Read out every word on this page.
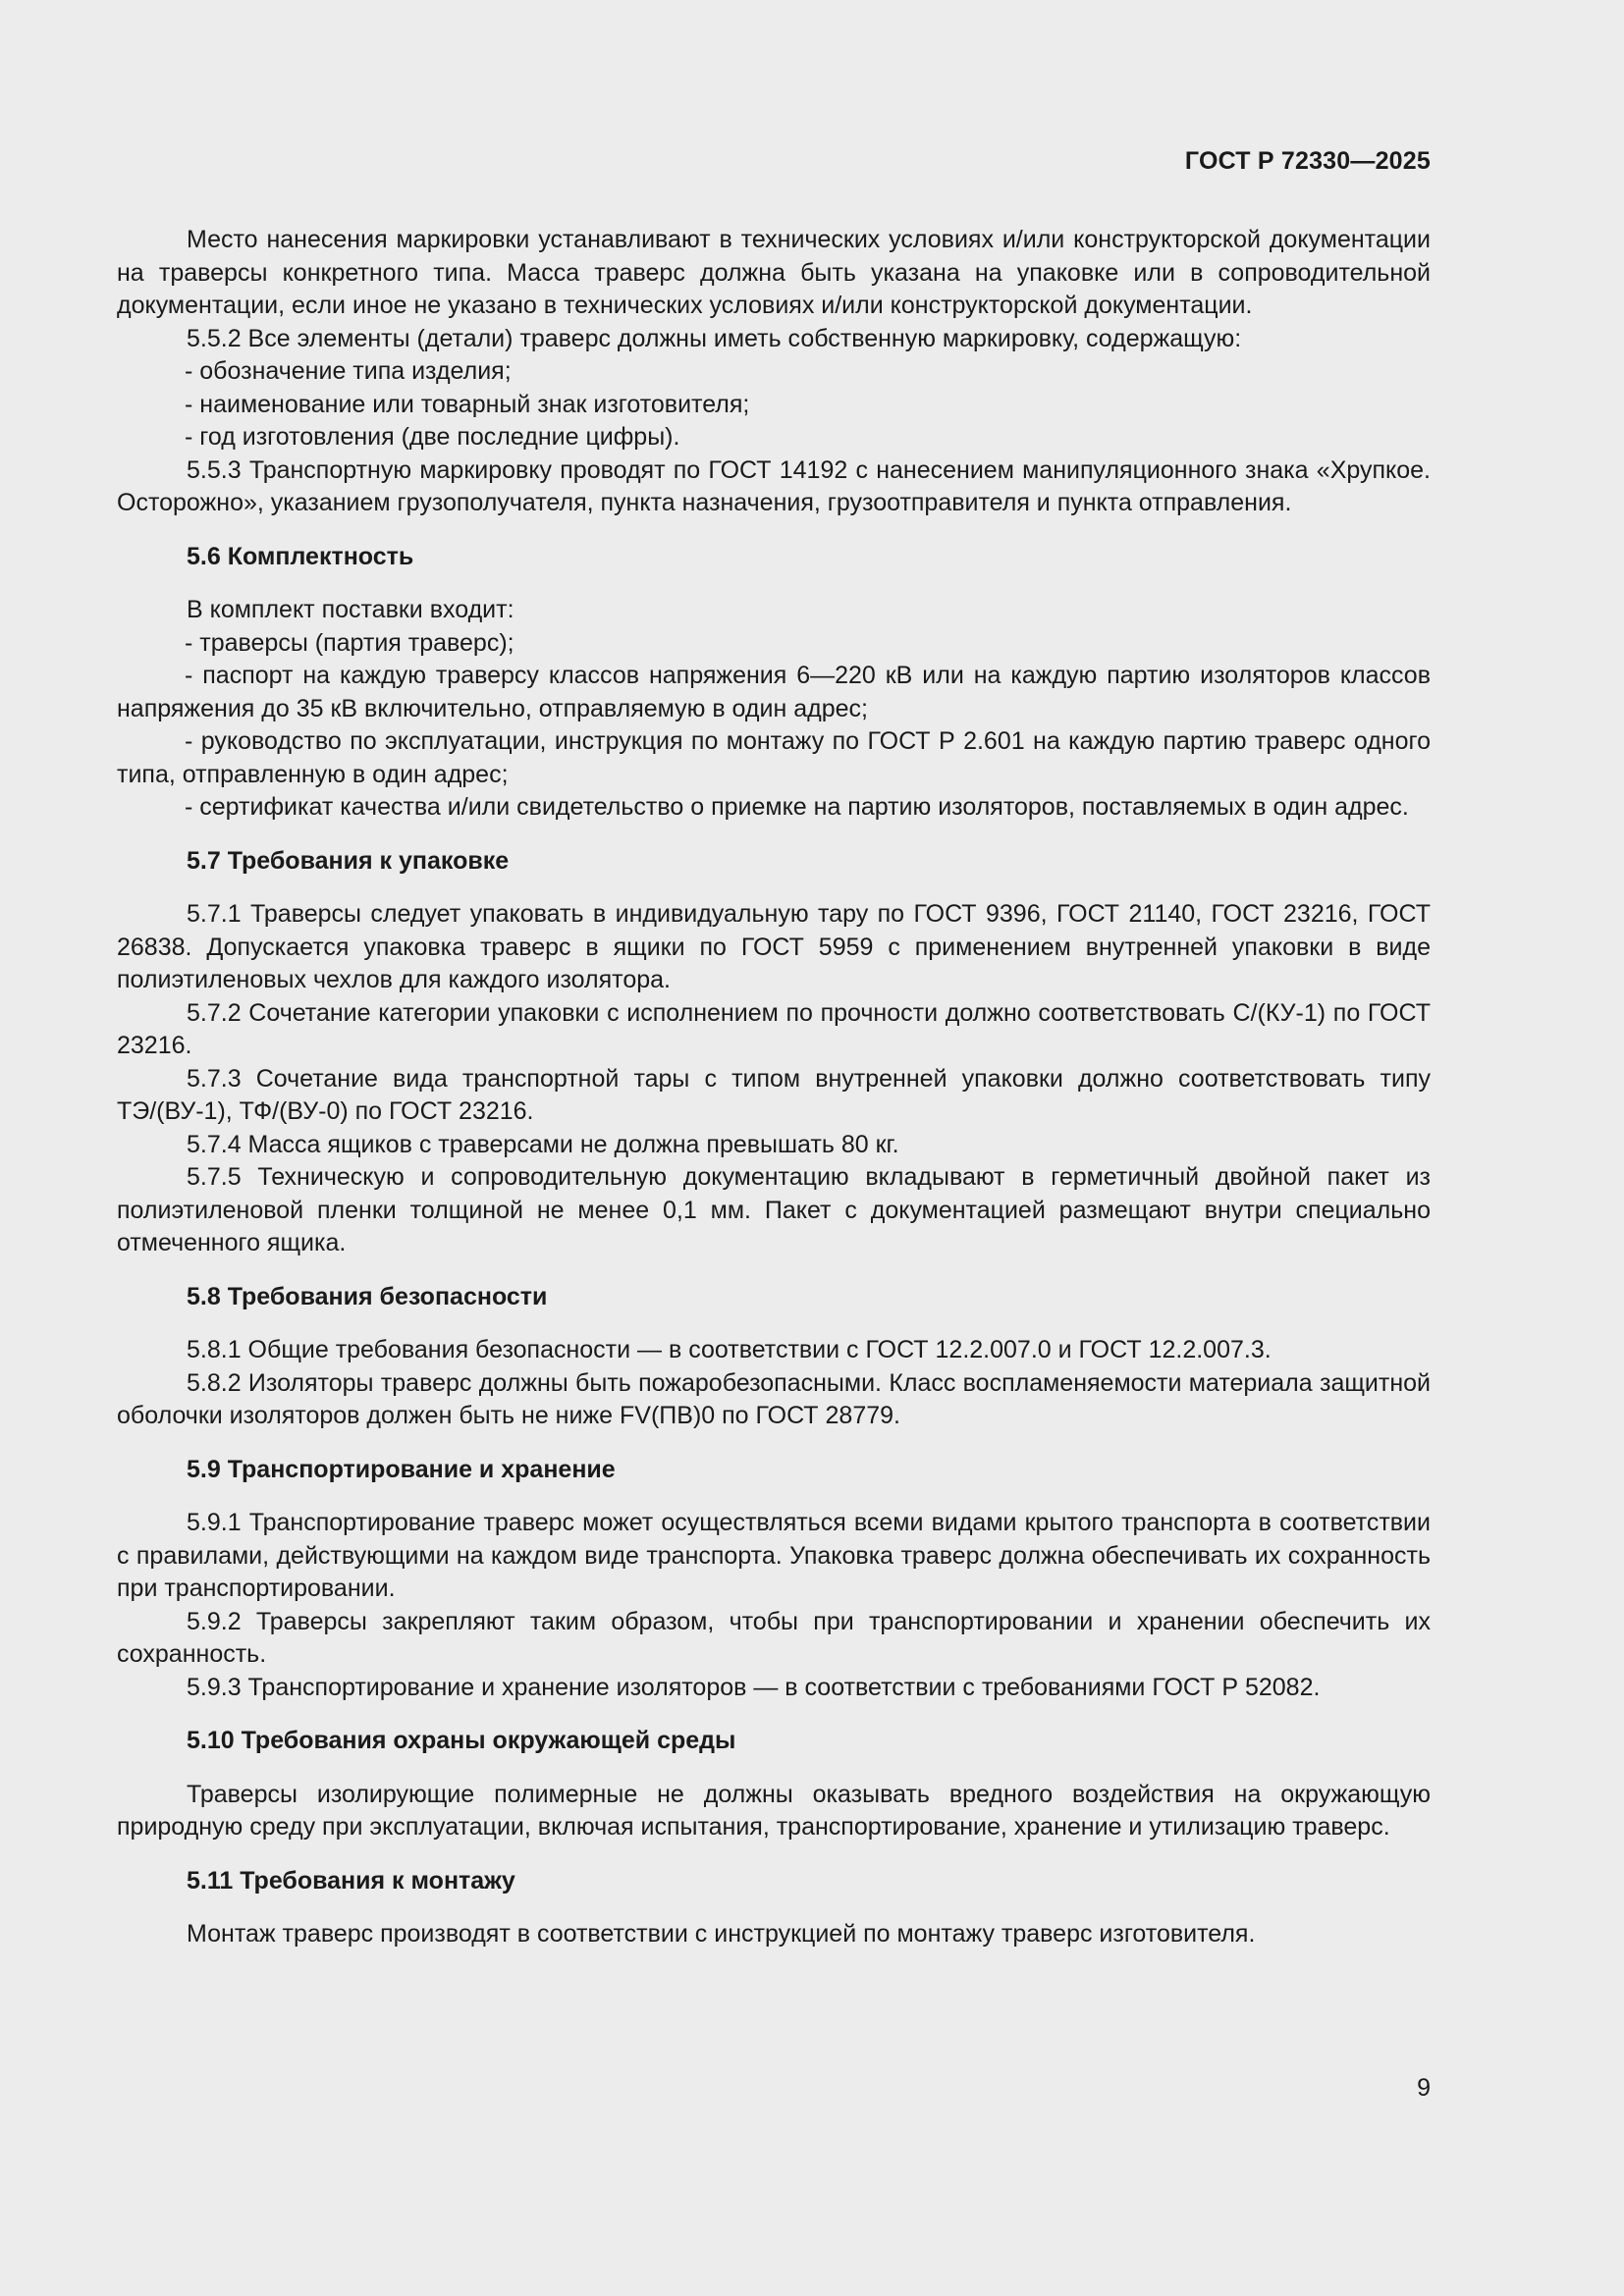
ГОСТ Р 72330—2025

Место нанесения маркировки устанавливают в технических условиях и/или конструкторской документации на траверсы конкретного типа. Масса траверс должна быть указана на упаковке или в сопроводительной документации, если иное не указано в технических условиях и/или конструкторской документации.

5.5.2 Все элементы (детали) траверс должны иметь собственную маркировку, содержащую:

- обозначение типа изделия;

- наименование или товарный знак изготовителя;

- год изготовления (две последние цифры).

5.5.3 Транспортную маркировку проводят по ГОСТ 14192 с нанесением манипуляционного знака «Хрупкое. Осторожно», указанием грузополучателя, пункта назначения, грузоотправителя и пункта отправления.

5.6 Комплектность

В комплект поставки входит:

- траверсы (партия траверс);

- паспорт на каждую траверсу классов напряжения 6—220 кВ или на каждую партию изоляторов классов напряжения до 35 кВ включительно, отправляемую в один адрес;

- руководство по эксплуатации, инструкция по монтажу по ГОСТ Р 2.601 на каждую партию траверс одного типа, отправленную в один адрес;

- сертификат качества и/или свидетельство о приемке на партию изоляторов, поставляемых в один адрес.

5.7 Требования к упаковке

5.7.1 Траверсы следует упаковать в индивидуальную тару по ГОСТ 9396, ГОСТ 21140, ГОСТ 23216, ГОСТ 26838. Допускается упаковка траверс в ящики по ГОСТ 5959 с применением внутренней упаковки в виде полиэтиленовых чехлов для каждого изолятора.

5.7.2 Сочетание категории упаковки с исполнением по прочности должно соответствовать С/(КУ-1) по ГОСТ 23216.

5.7.3 Сочетание вида транспортной тары с типом внутренней упаковки должно соответствовать типу ТЭ/(ВУ-1), ТФ/(ВУ-0) по ГОСТ 23216.

5.7.4 Масса ящиков с траверсами не должна превышать 80 кг.

5.7.5 Техническую и сопроводительную документацию вкладывают в герметичный двойной пакет из полиэтиленовой пленки толщиной не менее 0,1 мм. Пакет с документацией размещают внутри специально отмеченного ящика.

5.8 Требования безопасности

5.8.1 Общие требования безопасности — в соответствии с ГОСТ 12.2.007.0 и ГОСТ 12.2.007.3.

5.8.2 Изоляторы траверс должны быть пожаробезопасными. Класс воспламеняемости материала защитной оболочки изоляторов должен быть не ниже FV(ПВ)0 по ГОСТ 28779.

5.9 Транспортирование и хранение

5.9.1 Транспортирование траверс может осуществляться всеми видами крытого транспорта в соответствии с правилами, действующими на каждом виде транспорта. Упаковка траверс должна обеспечивать их сохранность при транспортировании.

5.9.2 Траверсы закрепляют таким образом, чтобы при транспортировании и хранении обеспечить их сохранность.

5.9.3 Транспортирование и хранение изоляторов — в соответствии с требованиями ГОСТ Р 52082.

5.10 Требования охраны окружающей среды

Траверсы изолирующие полимерные не должны оказывать вредного воздействия на окружающую природную среду при эксплуатации, включая испытания, транспортирование, хранение и утилизацию траверс.

5.11 Требования к монтажу

Монтаж траверс производят в соответствии с инструкцией по монтажу траверс изготовителя.

9
